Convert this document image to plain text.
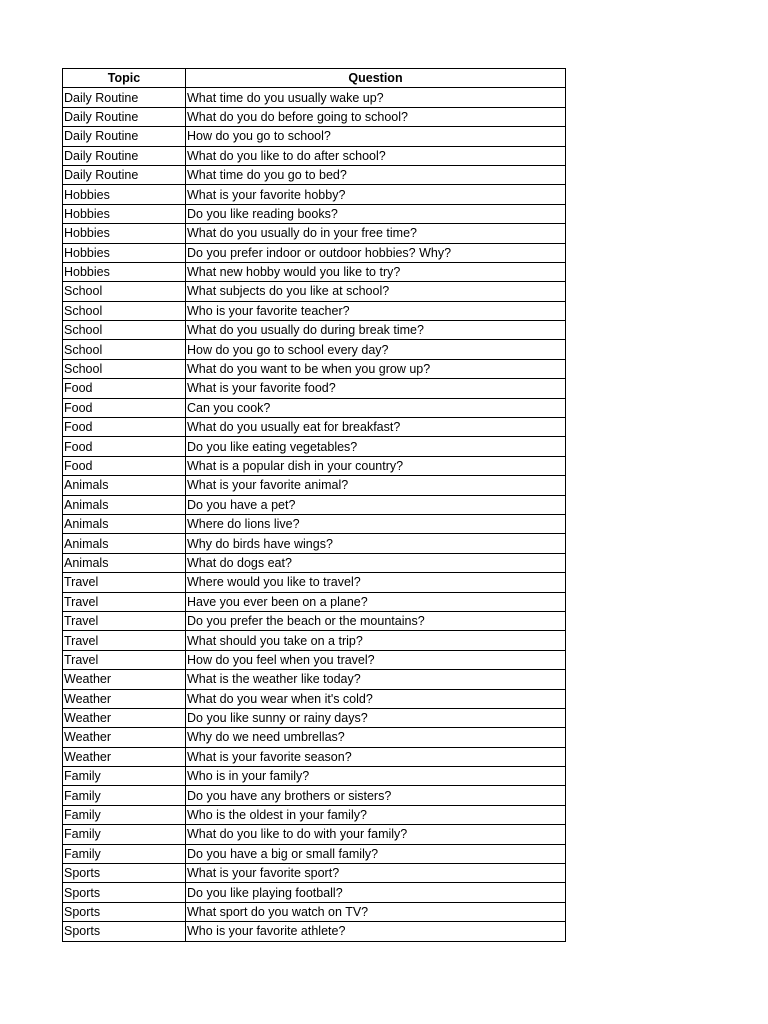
Topic	Question
Daily Routine	What time do you usually wake up?
Daily Routine	What do you do before going to school?
Daily Routine	How do you go to school?
Daily Routine	What do you like to do after school?
Daily Routine	What time do you go to bed?
Hobbies	What is your favorite hobby?
Hobbies	Do you like reading books?
Hobbies	What do you usually do in your free time?
Hobbies	Do you prefer indoor or outdoor hobbies? Why?
Hobbies	What new hobby would you like to try?
School	What subjects do you like at school?
School	Who is your favorite teacher?
School	What do you usually do during break time?
School	How do you go to school every day?
School	What do you want to be when you grow up?
Food	What is your favorite food?
Food	Can you cook?
Food	What do you usually eat for breakfast?
Food	Do you like eating vegetables?
Food	What is a popular dish in your country?
Animals	What is your favorite animal?
Animals	Do you have a pet?
Animals	Where do lions live?
Animals	Why do birds have wings?
Animals	What do dogs eat?
Travel	Where would you like to travel?
Travel	Have you ever been on a plane?
Travel	Do you prefer the beach or the mountains?
Travel	What should you take on a trip?
Travel	How do you feel when you travel?
Weather	What is the weather like today?
Weather	What do you wear when it's cold?
Weather	Do you like sunny or rainy days?
Weather	Why do we need umbrellas?
Weather	What is your favorite season?
Family	Who is in your family?
Family	Do you have any brothers or sisters?
Family	Who is the oldest in your family?
Family	What do you like to do with your family?
Family	Do you have a big or small family?
Sports	What is your favorite sport?
Sports	Do you like playing football?
Sports	What sport do you watch on TV?
Sports	Who is your favorite athlete?
